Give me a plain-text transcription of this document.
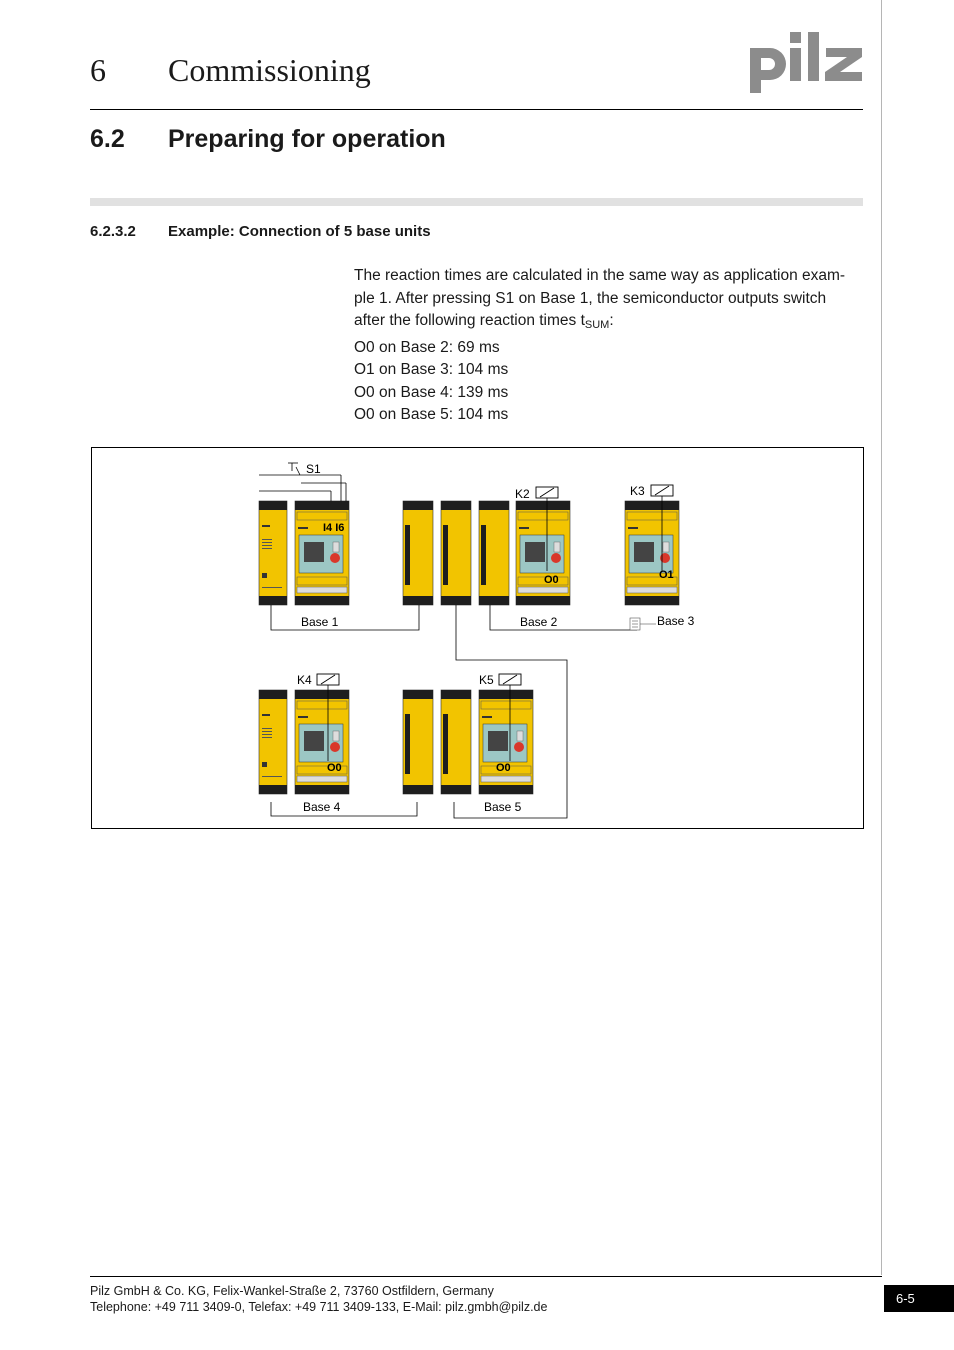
6 Commissioning
6.2 Preparing for operation
6.2.3.2 Example: Connection of 5 base units

The reaction times are calculated in the same way as application exam-

ple 1. After pressing S1 on Base 1, the semiconductor outputs switch

after the following reaction times $t_{SUM}$:

O0 on Base 2: 69 ms
O1 on Base 3: 104 ms
O0 on Base 4: 139 ms
O0 on Base 5: 104 ms
I4 I6
O0	O1
O0	O0
S1
K2	K3
K4	K5
Base 1	Base 2	Base 3
Base 4	Base 5
Pilz GmbH & Co. KG, Felix-Wankel-Straße 2, 73760 Ostfildern, Germany
Telephone: +49 711 3409-0, Telefax: +49 711 3409-133, E-Mail: pilz.gmbh@pilz.de
6-5
